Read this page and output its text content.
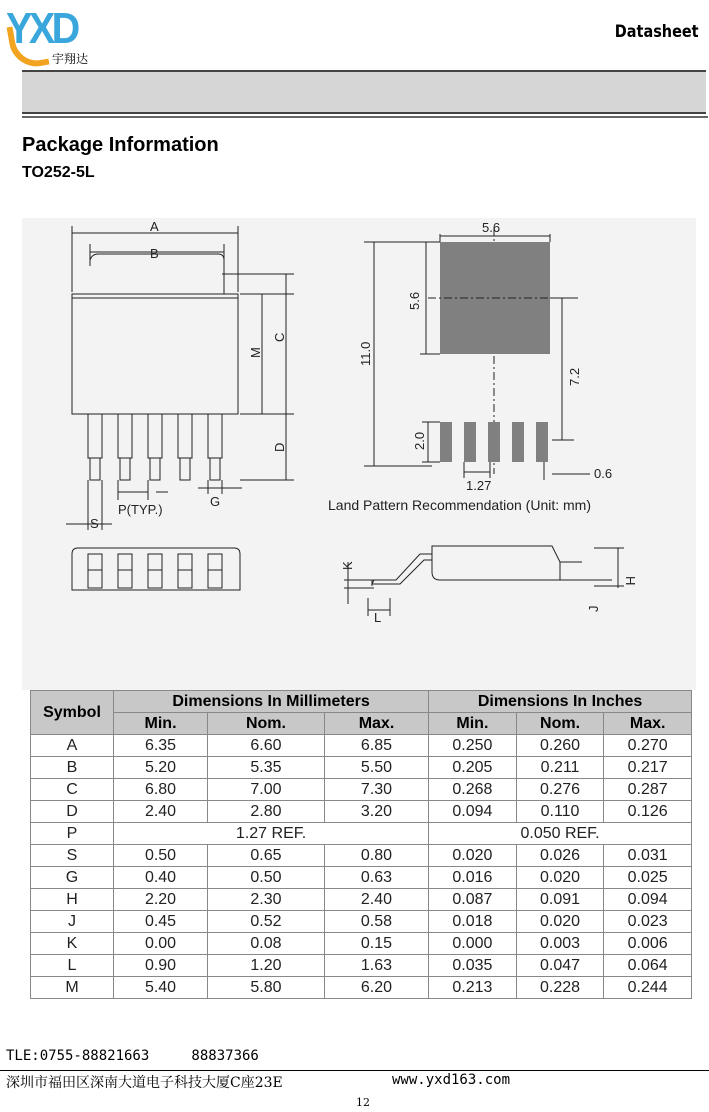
YXD
宇翔达
Datasheet
Package Information
TO252-5L
A
B
C
M
D
P(TYP.)
G
S
K
L
H
J
5.6
5.6
11.0
7.2
2.0
1.27
0.6
Land Pattern Recommendation (Unit: mm)
Symbol	Dimensions In Millimeters			Dimensions In Inches		
	Min.	Nom.	Max.	Min.	Nom.	Max.
A	6.35	6.60	6.85	0.250	0.260	0.270
B	5.20	5.35	5.50	0.205	0.211	0.217
C	6.80	7.00	7.30	0.268	0.276	0.287
D	2.40	2.80	3.20	0.094	0.110	0.126
P	1.27 REF.			0.050 REF.		
S	0.50	0.65	0.80	0.020	0.026	0.031
G	0.40	0.50	0.63	0.016	0.020	0.025
H	2.20	2.30	2.40	0.087	0.091	0.094
J	0.45	0.52	0.58	0.018	0.020	0.023
K	0.00	0.08	0.15	0.000	0.003	0.006
L	0.90	1.20	1.63	0.035	0.047	0.064
M	5.40	5.80	6.20	0.213	0.228	0.244
TLE:0755-88821663     88837366
深圳市福田区深南大道电子科技大厦C座23E	www.yxd163.com
12
